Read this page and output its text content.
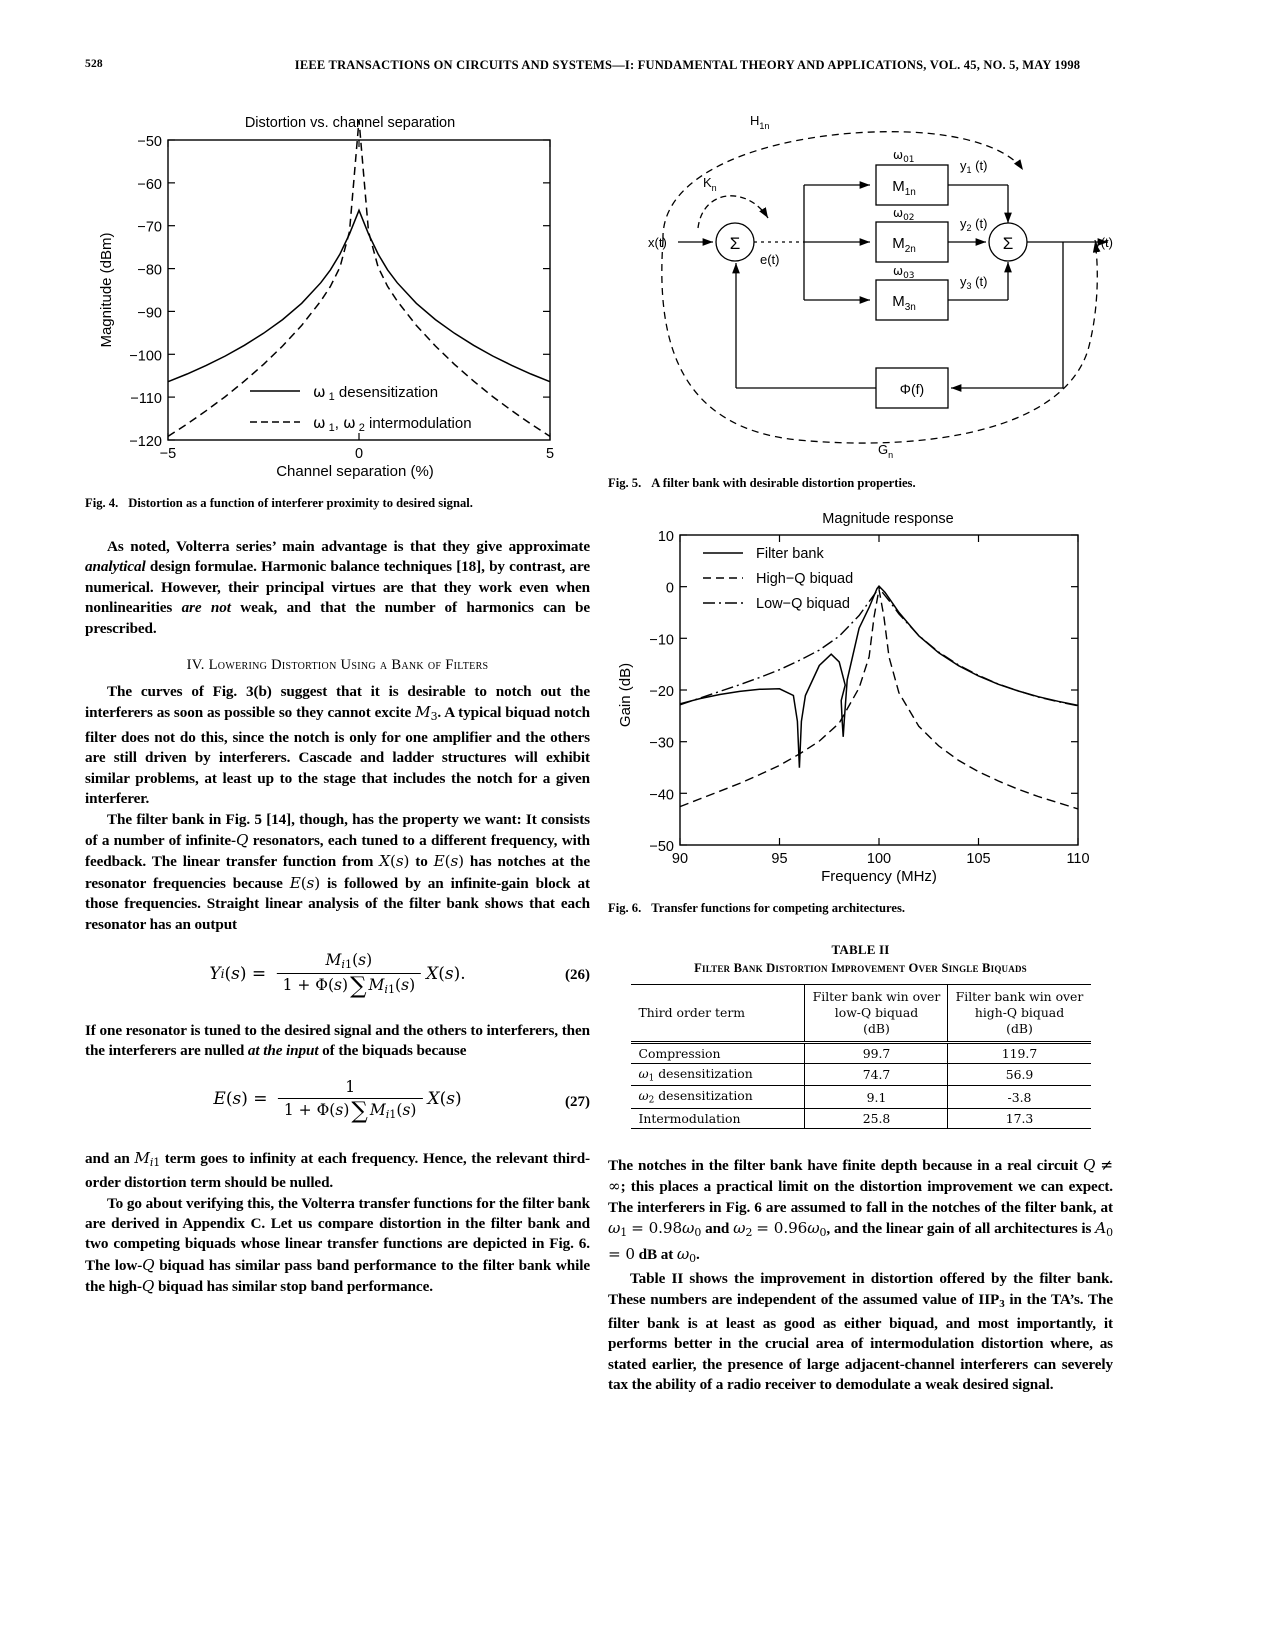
528	IEEE TRANSACTIONS ON CIRCUITS AND SYSTEMS—I: FUNDAMENTAL THEORY AND APPLICATIONS, VOL. 45, NO. 5, MAY 1998
Distortion vs. channel separation
−50
−60
−70
−80
−90
−100
−110
−120
−5	0	5
Channel separation (%)
Magnitude (dBm)
ω $_1$ desensitization
ω $_1$, ω $_2$ intermodulation

Fig. 4. Distortion as a function of interferer proximity to desired signal.

As noted, Volterra series’ main advantage is that they give approximate analytical design formulae. Harmonic balance techniques [18], by contrast, are numerical. However, their principal virtues are that they work even when nonlinearities are not weak, and that the number of harmonics can be prescribed.

IV. Lowering Distortion Using a Bank of Filters

The curves of Fig. 3(b) suggest that it is desirable to notch out the interferers as soon as possible so they cannot excite $M_3$. A typical biquad notch filter does not do this, since the notch is only for one amplifier and the others are still driven by interferers. Cascade and ladder structures will exhibit similar problems, at least up to the stage that includes the notch for a given interferer.

The filter bank in Fig. 5 [14], though, has the property we want: It consists of a number of infinite-Q resonators, each tuned to a different frequency, with feedback. The linear transfer function from X(s) to E(s) has notches at the resonator frequencies because E(s) is followed by an infinite-gain block at those frequencies. Straight linear analysis of the filter bank shows that each resonator has an output

Y i ( s ) = $\frac{M_{i1}(s)}{1 + \Phi(s)\sum M_{i1}(s)}$ X ( s ).	(26)

If one resonator is tuned to the desired signal and the others to interferers, then the interferers are nulled at the input of the biquads because

E ( s ) = $\frac{1}{1 + \Phi(s)\sum M_{i1}(s)}$ X ( s )	(27)

and an $M_{i1}$ term goes to infinity at each frequency. Hence, the relevant third-order distortion term should be nulled.

To go about verifying this, the Volterra transfer functions for the filter bank are derived in Appendix C. Let us compare distortion in the filter bank and two competing biquads whose linear transfer functions are depicted in Fig. 6. The low-Q biquad has similar pass band performance to the filter bank while the high-Q biquad has similar stop band performance.

$H_{1n}$
$K_n$
$G_n$
x(t)
e(t)
y(t)
Σ	Σ
$\omega_{01}$
$\omega_{02}$
$\omega_{03}$
$M_{1n}$
$M_{2n}$
$M_{3n}$
Φ(f)
$y_1$ (t)
$y_2$ (t)
$y_3$ (t)

Fig. 5. A filter bank with desirable distortion properties.

Magnitude response
10
0
−10
−20
−30
−40
−50
90	95	100	105	110
Frequency (MHz)
Gain (dB)
Filter bank
High−Q biquad
Low−Q biquad

Fig. 6. Transfer functions for competing architectures.

TABLE II
Filter Bank Distortion Improvement Over Single Biquads
Third order term	Filter bank win over
low-Q biquad
(dB)	Filter bank win over
high-Q biquad
(dB)
Compression	99.7	119.7
$\omega_1$ desensitization	74.7	56.9
$\omega_2$ desensitization	9.1	-3.8
Intermodulation	25.8	17.3

The notches in the filter bank have finite depth because in a real circuit Q ≠ ∞; this places a practical limit on the distortion improvement we can expect. The interferers in Fig. 6 are assumed to fall in the notches of the filter bank, at $\omega_1 = 0.98\omega_0$ and $\omega_2 = 0.96\omega_0$, and the linear gain of all architectures is $A_0 = 0$ dB at $\omega_0$.

Table II shows the improvement in distortion offered by the filter bank. These numbers are independent of the assumed value of $IIP_3$ in the TA’s. The filter bank is at least as good as either biquad, and most importantly, it performs better in the crucial area of intermodulation distortion where, as stated earlier, the presence of large adjacent-channel interferers can severely tax the ability of a radio receiver to demodulate a weak desired signal.
